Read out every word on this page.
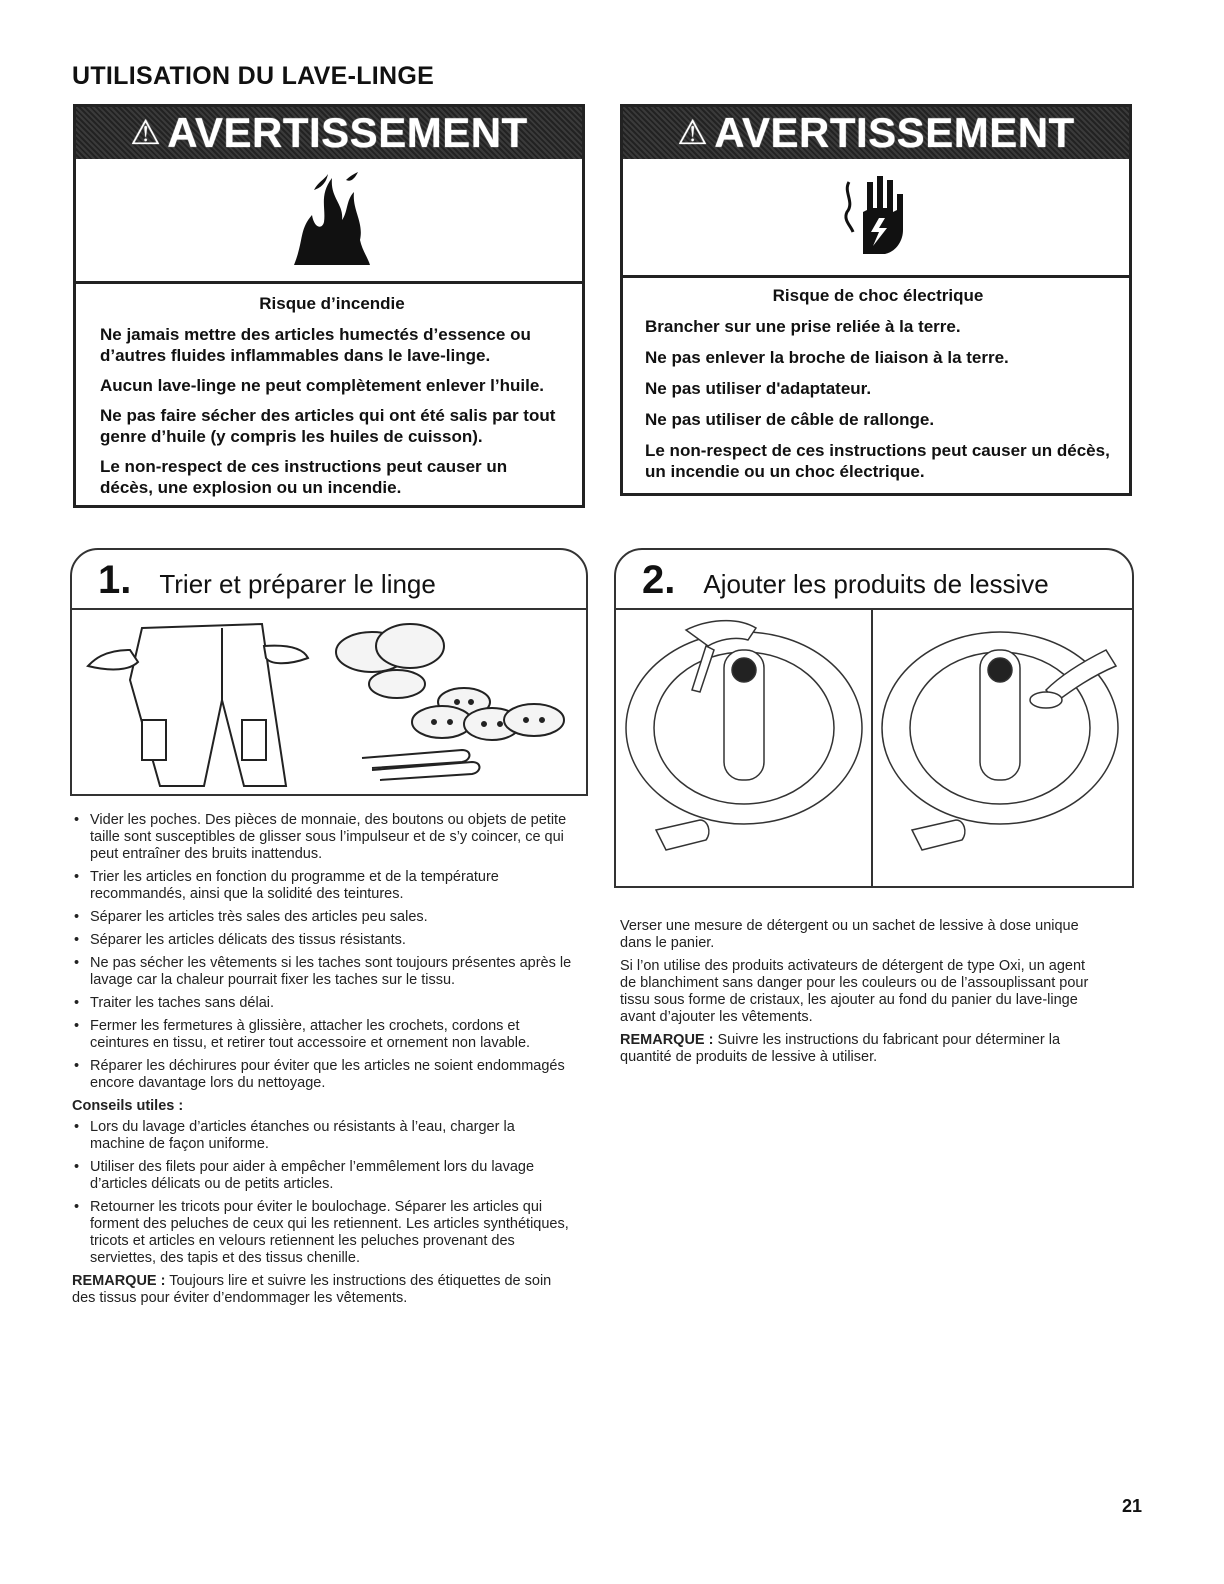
UTILISATION DU LAVE-LINGE
⚠ AVERTISSEMENT

Risque d’incendie

Ne jamais mettre des articles humectés d’essence ou d’autres fluides inflammables dans le lave-linge.

Aucun lave-linge ne peut complètement enlever l’huile.

Ne pas faire sécher des articles qui ont été salis par tout genre d’huile (y compris les huiles de cuisson).

Le non-respect de ces instructions peut causer un décès, une explosion ou un incendie.

⚠ AVERTISSEMENT

Risque de choc électrique

Brancher sur une prise reliée à la terre.

Ne pas enlever la broche de liaison à la terre.

Ne pas utiliser d'adaptateur.

Ne pas utiliser de câble de rallonge.

Le non-respect de ces instructions peut causer un décès, un incendie ou un choc électrique.

1. Trier et préparer le linge	2. Ajouter les produits de lessive
• Vider les poches. Des pièces de monnaie, des boutons ou objets de petite taille sont susceptibles de glisser sous l’impulseur et de s’y coincer, ce qui peut entraîner des bruits inattendus.
• Trier les articles en fonction du programme et de la température recommandés, ainsi que la solidité des teintures.
• Séparer les articles très sales des articles peu sales.
• Séparer les articles délicats des tissus résistants.
• Ne pas sécher les vêtements si les taches sont toujours présentes après le lavage car la chaleur pourrait fixer les taches sur le tissu.
• Traiter les taches sans délai.
• Fermer les fermetures à glissière, attacher les crochets, cordons et ceintures en tissu, et retirer tout accessoire et ornement non lavable.
• Réparer les déchirures pour éviter que les articles ne soient endommagés encore davantage lors du nettoyage.
Conseils utiles :
• Lors du lavage d’articles étanches ou résistants à l’eau, charger la machine de façon uniforme.
• Utiliser des filets pour aider à empêcher l’emmêlement lors du lavage d’articles délicats ou de petits articles.
• Retourner les tricots pour éviter le boulochage. Séparer les articles qui forment des peluches de ceux qui les retiennent. Les articles synthétiques, tricots et articles en velours retiennent les peluches provenant des serviettes, des tapis et des tissus chenille.

REMARQUE : Toujours lire et suivre les instructions des étiquettes de soin des tissus pour éviter d’endommager les vêtements.

Verser une mesure de détergent ou un sachet de lessive à dose unique dans le panier.

Si l’on utilise des produits activateurs de détergent de type Oxi, un agent de blanchiment sans danger pour les couleurs ou de l’assouplissant pour tissu sous forme de cristaux, les ajouter au fond du panier du lave-linge avant d’ajouter les vêtements.

REMARQUE : Suivre les instructions du fabricant pour déterminer la quantité de produits de lessive à utiliser.

21
